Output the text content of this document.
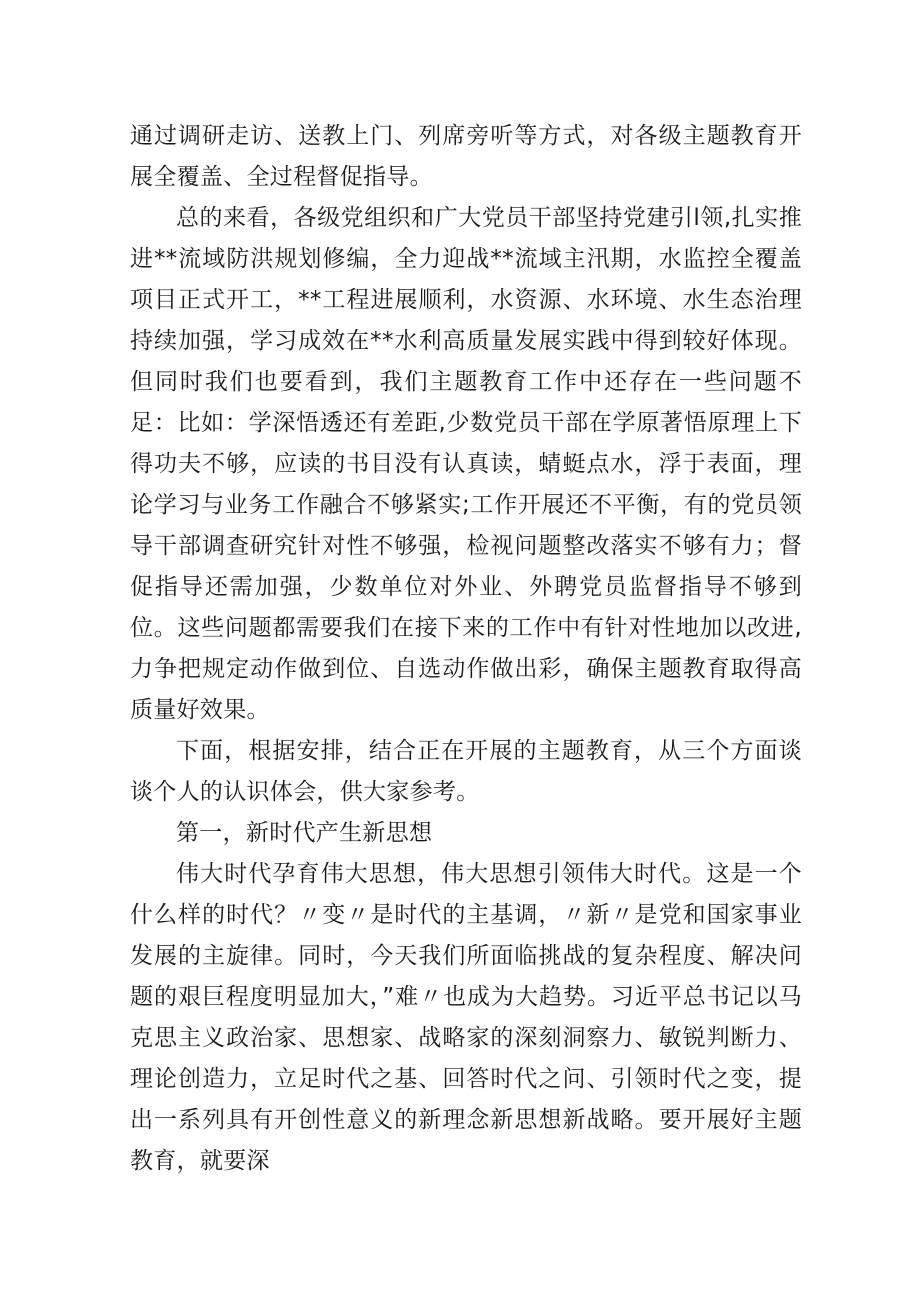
通过调研走访、送教上门、列席旁听等方式，对各级主题教育开展全覆盖、全过程督促指导。

总的来看，各级党组织和广大党员干部坚持党建引l领,扎实推进**流域防洪规划修编，全力迎战**流域主汛期，水监控全覆盖项目正式开工，**工程进展顺利，水资源、水环境、水生态治理持续加强，学习成效在**水利高质量发展实践中得到较好体现。但同时我们也要看到，我们主题教育工作中还存在一些问题不足：比如：学深悟透还有差距,少数党员干部在学原著悟原理上下得功夫不够，应读的书目没有认真读，蜻蜓点水，浮于表面，理论学习与业务工作融合不够紧实;工作开展还不平衡，有的党员领导干部调查研究针对性不够强，检视问题整改落实不够有力；督促指导还需加强，少数单位对外业、外聘党员监督指导不够到位。这些问题都需要我们在接下来的工作中有针对性地加以改进,力争把规定动作做到位、自选动作做出彩，确保主题教育取得高质量好效果。

下面，根据安排，结合正在开展的主题教育，从三个方面谈谈个人的认识体会，供大家参考。

第一，新时代产生新思想

伟大时代孕育伟大思想，伟大思想引领伟大时代。这是一个什么样的时代？〃变〃是时代的主基调，〃新〃是党和国家事业发展的主旋律。同时，今天我们所面临挑战的复杂程度、解决问题的艰巨程度明显加大，”难〃也成为大趋势。习近平总书记以马克思主义政治家、思想家、战略家的深刻洞察力、敏锐判断力、理论创造力，立足时代之基、回答时代之问、引领时代之变，提出一系列具有开创性意义的新理念新思想新战略。要开展好主题教育，就要深
